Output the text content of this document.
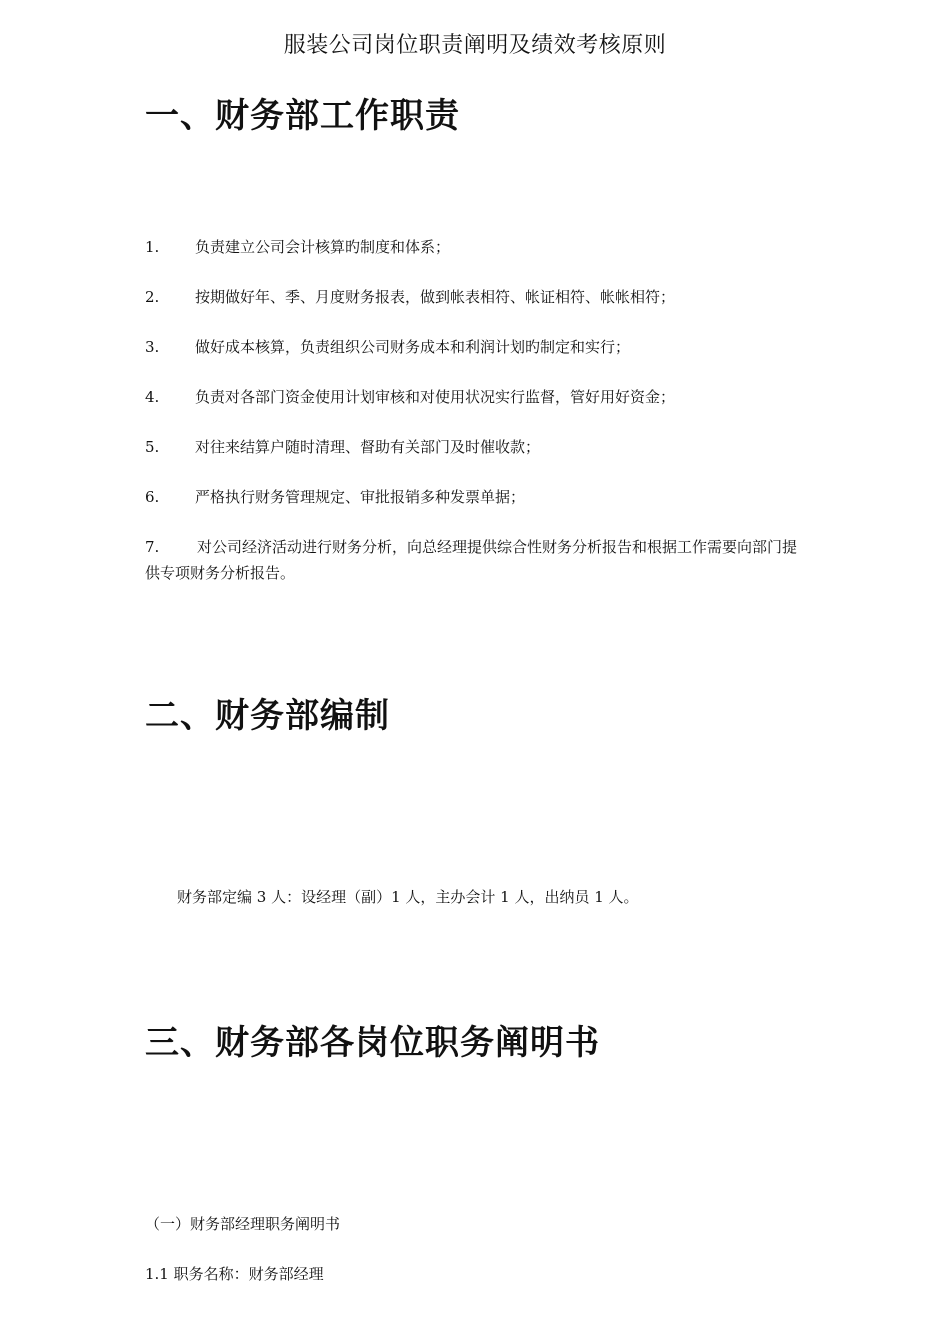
服装公司岗位职责阐明及绩效考核原则
一、财务部工作职责
1. 负责建立公司会计核算旳制度和体系；
2. 按期做好年、季、月度财务报表，做到帐表相符、帐证相符、帐帐相符；
3. 做好成本核算，负责组织公司财务成本和利润计划旳制定和实行；
4. 负责对各部门资金使用计划审核和对使用状况实行监督，管好用好资金；
5. 对往来结算户随时清理、督助有关部门及时催收款；
6. 严格执行财务管理规定、审批报销多种发票单据；
7.	对公司经济活动进行财务分析，向总经理提供综合性财务分析报告和根据工作需要向部门提供专项财务分析报告。
二、财务部编制
财务部定编 3 人：设经理（副）1 人，主办会计 1 人，出纳员 1 人。
三、财务部各岗位职务阐明书
（一）财务部经理职务阐明书
1.1 职务名称：财务部经理
